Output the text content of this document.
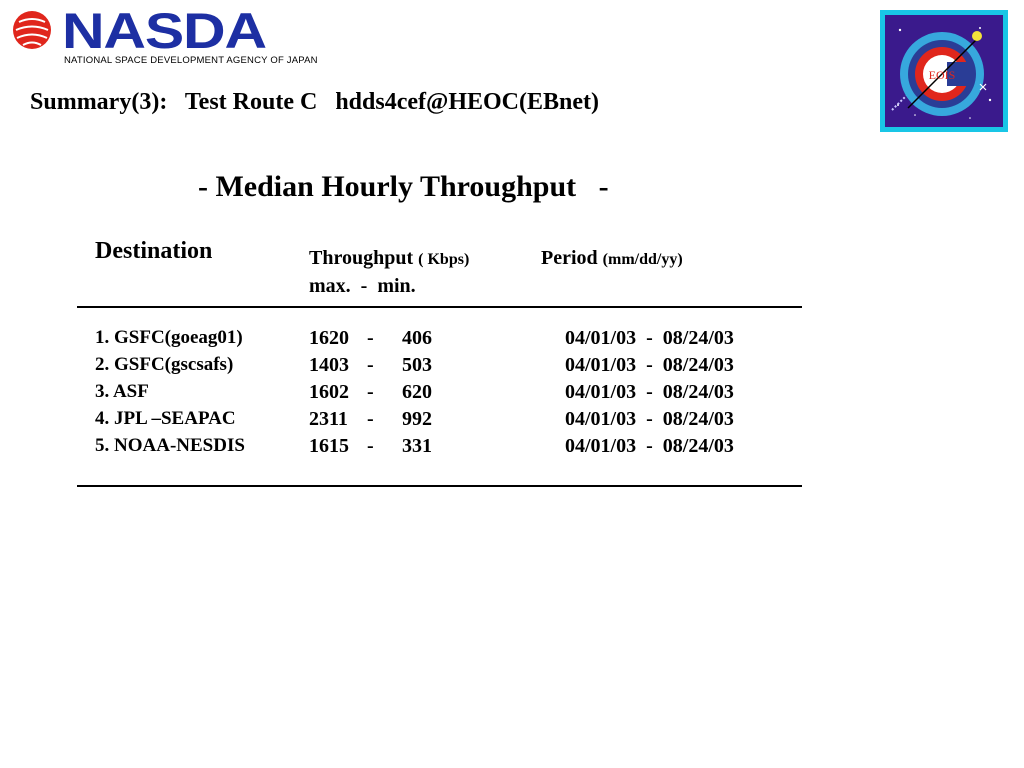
NASDA
NATIONAL SPACE DEVELOPMENT AGENCY OF JAPAN
EOIS
Summary(3):   Test Route C   hdds4cef@HEOC(EBnet)
- Median Hourly Throughput   -
Destination	Throughput ( Kbps)	Period (mm/dd/yy)
max.  -  min.
1. GSFC(goeag01)	1620 -	406	04/01/03  -  08/24/03
2. GSFC(gscsafs)	1403 -	503	04/01/03  -  08/24/03
3. ASF	1602 -	620	04/01/03  -  08/24/03
4. JPL –SEAPAC	2311 -	992	04/01/03  -  08/24/03
5. NOAA-NESDIS	1615 -	331	04/01/03  -  08/24/03
